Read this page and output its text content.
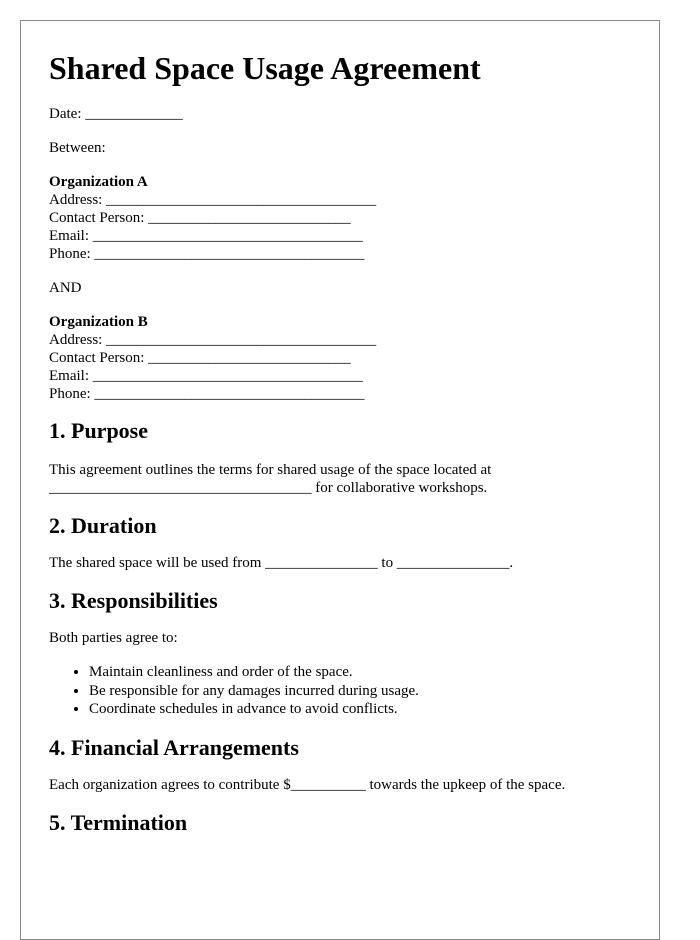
Shared Space Usage Agreement

Date: _____________

Between:

Organization A
Address: ____________________________________
Contact Person: ___________________________
Email: ____________________________________
Phone: ____________________________________

AND

Organization B
Address: ____________________________________
Contact Person: ___________________________
Email: ____________________________________
Phone: ____________________________________
1. Purpose
This agreement outlines the terms for shared usage of the space located at
___________________________________ for collaborative workshops.
2. Duration

The shared space will be used from _______________ to _______________.

3. Responsibilities

Both parties agree to:

• Maintain cleanliness and order of the space.
• Be responsible for any damages incurred during usage.
• Coordinate schedules in advance to avoid conflicts.
4. Financial Arrangements

Each organization agrees to contribute $__________ towards the upkeep of the space.

5. Termination
